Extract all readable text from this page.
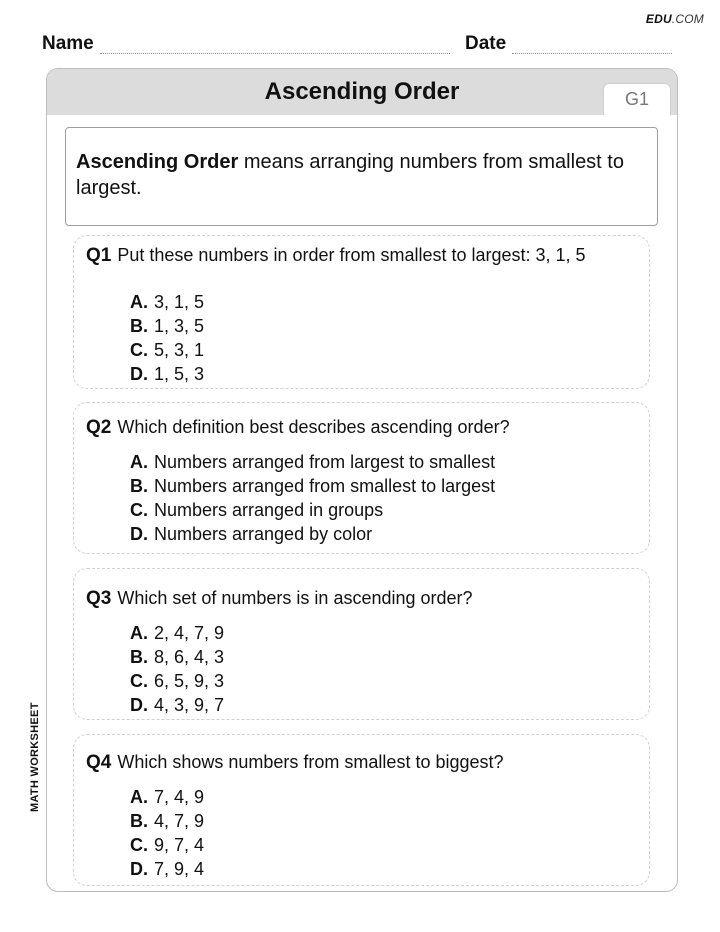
EDU.COM
Name	Date
Ascending Order	G1
Ascending Order means arranging numbers from smallest to largest.
Q1 Put these numbers in order from smallest to largest: 3, 1, 5
A. 3, 1, 5
B. 1, 3, 5
C. 5, 3, 1
D. 1, 5, 3
Q2 Which definition best describes ascending order?
A. Numbers arranged from largest to smallest
B. Numbers arranged from smallest to largest
C. Numbers arranged in groups
D. Numbers arranged by color
Q3 Which set of numbers is in ascending order?
A. 2, 4, 7, 9
B. 8, 6, 4, 3
C. 6, 5, 9, 3
D. 4, 3, 9, 7
Q4 Which shows numbers from smallest to biggest?
A. 7, 4, 9
B. 4, 7, 9
C. 9, 7, 4
D. 7, 9, 4
MATH WORKSHEET
